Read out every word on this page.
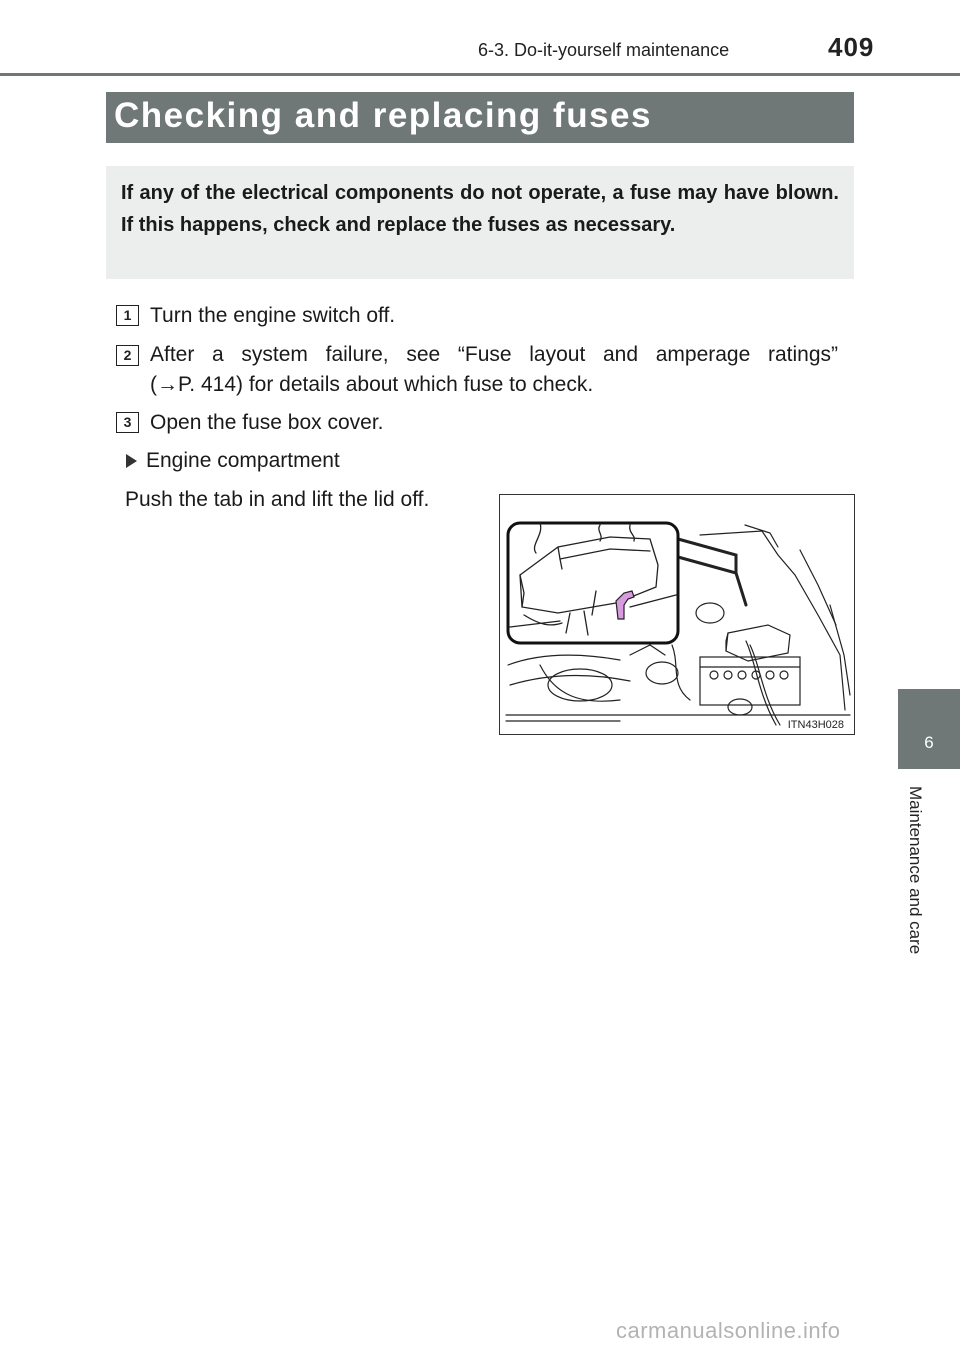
6-3. Do-it-yourself maintenance	409
Checking and replacing fuses
If any of the electrical components do not operate, a fuse may have blown. If this happens, check and replace the fuses as necessary.
1 Turn the engine switch off.
2 After a system failure, see “Fuse layout and amperage ratings”
(→P. 414) for details about which fuse to check.
3 Open the fuse box cover.
Engine compartment
Push the tab in and lift the lid off.
ITN43H028
6
Maintenance and care
carmanualsonline.info
